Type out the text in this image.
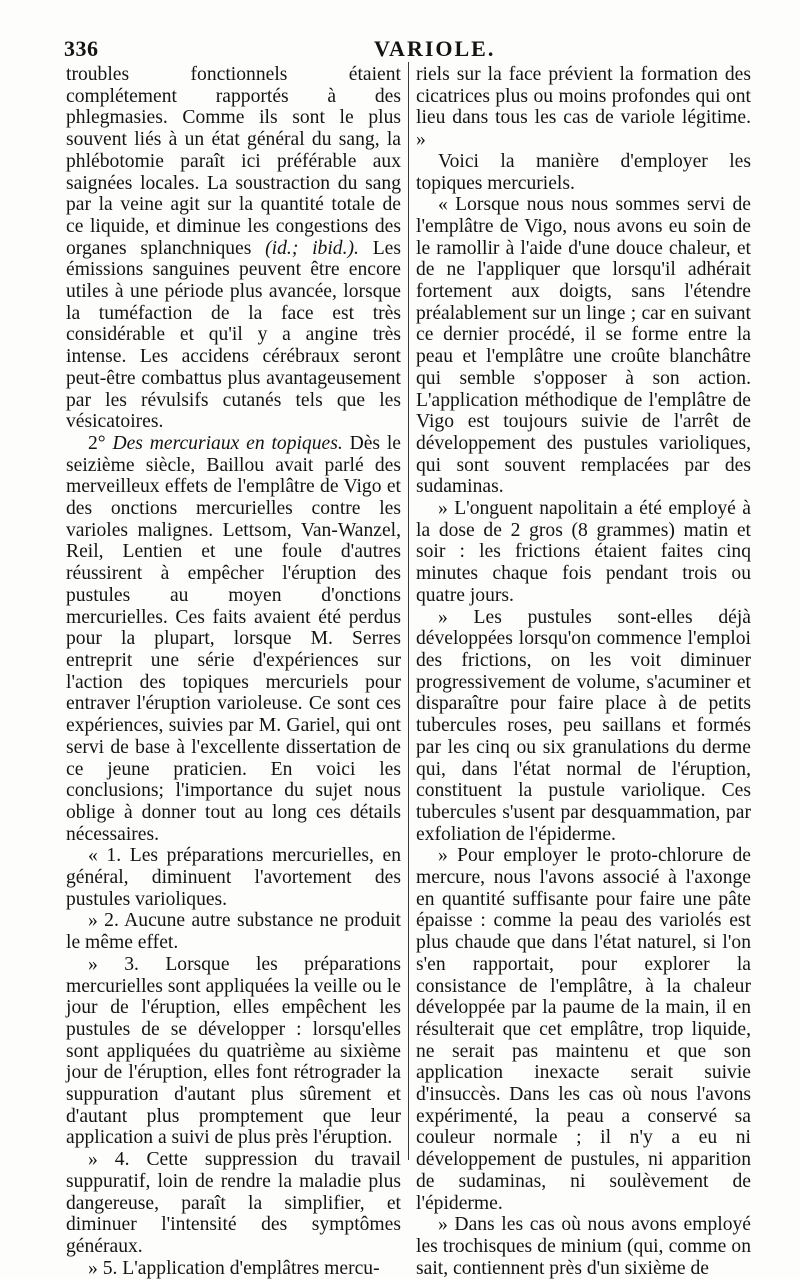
336	VARIOLE.

troubles fonctionnels étaient complétement rapportés à des phlegmasies. Comme ils sont le plus souvent liés à un état général du sang, la phlébotomie paraît ici préférable aux saignées locales. La soustraction du sang par la veine agit sur la quantité totale de ce liquide, et diminue les congestions des organes splanchniques (id.; ibid.). Les émissions sanguines peuvent être encore utiles à une période plus avancée, lorsque la tuméfaction de la face est très considérable et qu'il y a angine très intense. Les accidens cérébraux seront peut-être combattus plus avantageusement par les révulsifs cutanés tels que les vésicatoires.

2° Des mercuriaux en topiques. Dès le seizième siècle, Baillou avait parlé des merveilleux effets de l'emplâtre de Vigo et des onctions mercurielles contre les varioles malignes. Lettsom, Van-Wanzel, Reil, Lentien et une foule d'autres réussirent à empêcher l'éruption des pustules au moyen d'onctions mercurielles. Ces faits avaient été perdus pour la plupart, lorsque M. Serres entreprit une série d'expériences sur l'action des topiques mercuriels pour entraver l'éruption varioleuse. Ce sont ces expériences, suivies par M. Gariel, qui ont servi de base à l'excellente dissertation de ce jeune praticien. En voici les conclusions; l'importance du sujet nous oblige à donner tout au long ces détails nécessaires.

« 1. Les préparations mercurielles, en général, diminuent l'avortement des pustules varioliques.

» 2. Aucune autre substance ne produit le même effet.

» 3. Lorsque les préparations mercurielles sont appliquées la veille ou le jour de l'éruption, elles empêchent les pustules de se développer : lorsqu'elles sont appliquées du quatrième au sixième jour de l'éruption, elles font rétrograder la suppuration d'autant plus sûrement et d'autant plus promptement que leur application a suivi de plus près l'éruption.

» 4. Cette suppression du travail suppuratif, loin de rendre la maladie plus dangereuse, paraît la simplifier, et diminuer l'intensité des symptômes généraux.

» 5. L'application d'emplâtres mercu-

riels sur la face prévient la formation des cicatrices plus ou moins profondes qui ont lieu dans tous les cas de variole légitime. »

Voici la manière d'employer les topiques mercuriels.

« Lorsque nous nous sommes servi de l'emplâtre de Vigo, nous avons eu soin de le ramollir à l'aide d'une douce chaleur, et de ne l'appliquer que lorsqu'il adhérait fortement aux doigts, sans l'étendre préalablement sur un linge ; car en suivant ce dernier procédé, il se forme entre la peau et l'emplâtre une croûte blanchâtre qui semble s'opposer à son action. L'application méthodique de l'emplâtre de Vigo est toujours suivie de l'arrêt de développement des pustules varioliques, qui sont souvent remplacées par des sudaminas.

» L'onguent napolitain a été employé à la dose de 2 gros (8 grammes) matin et soir : les frictions étaient faites cinq minutes chaque fois pendant trois ou quatre jours.

» Les pustules sont-elles déjà développées lorsqu'on commence l'emploi des frictions, on les voit diminuer progressivement de volume, s'acuminer et disparaître pour faire place à de petits tubercules roses, peu saillans et formés par les cinq ou six granulations du derme qui, dans l'état normal de l'éruption, constituent la pustule variolique. Ces tubercules s'usent par desquammation, par exfoliation de l'épiderme.

» Pour employer le proto-chlorure de mercure, nous l'avons associé à l'axonge en quantité suffisante pour faire une pâte épaisse : comme la peau des variolés est plus chaude que dans l'état naturel, si l'on s'en rapportait, pour explorer la consistance de l'emplâtre, à la chaleur développée par la paume de la main, il en résulterait que cet emplâtre, trop liquide, ne serait pas maintenu et que son application inexacte serait suivie d'insuccès. Dans les cas où nous l'avons expérimenté, la peau a conservé sa couleur normale ; il n'y a eu ni développement de pustules, ni apparition de sudaminas, ni soulèvement de l'épiderme.

» Dans les cas où nous avons employé les trochisques de minium (qui, comme on sait, contiennent près d'un sixième de
